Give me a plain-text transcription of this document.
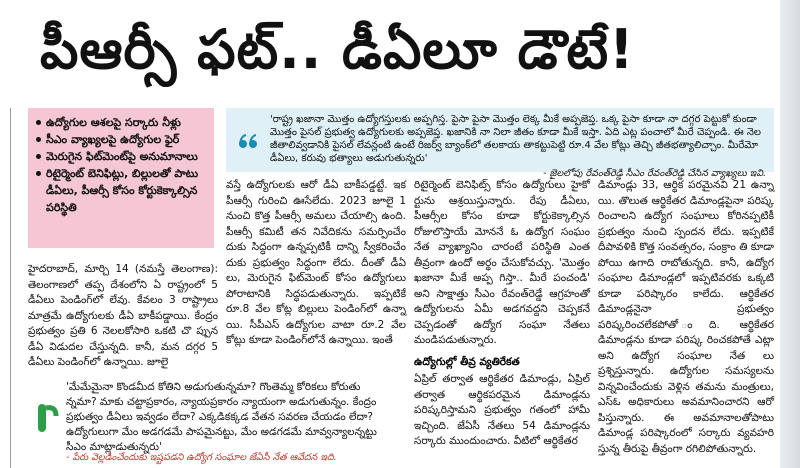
పీఆర్సీ ఫట్.. డీఏలూ డౌటే!
ఉద్యోగుల ఆశలపై సర్కారు నీళ్లు
సీఎం వ్యాఖ్యలపై ఉద్యోగుల ఫైర్
మెరుగైన ఫిట్‌మెంట్‌పై అనుమానాలు
రిటైర్మెంట్ బెనిఫిట్లు, బిల్లులతో పాటు డీఏలు, పీఆర్సీ కోసం కోర్టుకెక్కాల్సిన పరిస్థితి
'రాష్ట్ర ఖజానా మొత్తం ఉద్యోగస్తులకు అప్పగిస్త. పైసా పైసా మొత్తం లెక్క మీకే అప్పజెప్త. ఒక్క పైసా కూడా నా దగ్గర పెట్టుకో కుండా మొత్తం పైసల్ ప్రభుత్వ ఉద్యోగులకు అప్పజెప్త. ఖజానికి నా నిలా జీతం కూడా మీకే ఇస్తా. ఏది ఎట్ల పంచాలో మీరే చెప్పండి. ఈ నెల జీతాలివ్వడానికి పైసల్ లేవన్లంటి ఉంటే రిజర్వ్ బ్యాంక్‌లో తలకాయ తాకట్టుపెట్టి రూ.4 వేల కోట్లు తెచ్చి జీతభత్యాలిచ్చాం. మీరేమో డీఏలు, కరువు భత్యాలు అడుగుతున్నరు'
- జైలలోపు రేవంత్‌రెడ్డి సీఎం రేవంత్‌రెడ్డి చేసిన వ్యాఖ్యలు ఇవి.

హైదరాబాద్, మార్చి 14 (నమస్తే తెలంగాణ): తెలంగాణలో తప్ప దేశంలోని ఏ రాష్ట్రంలో 5 డీఏలు పెండింగ్‌లో లేవు. కేవలం 3 రాష్ట్రాలు మాత్రమే ఉద్యోగులకు డీఏ బాకీపడ్డాయి. కేంద్రం ప్రభుత్వం ప్రతి 6 నెలలకోసారి ఒకటి చొ ప్పున డీఏ విడుదల చేస్తున్నది. కానీ, మన దగ్గర 5 డీఏలు పెండింగ్‌లో ఉన్నాయి. జూలై

వస్తే ఉద్యోగులకు ఆరో డీఏ బాకీపడ్డట్టే. ఇక పీఆర్సీ గురించి ఊసేలేదు. 2023 జూలై 1 నుంచి కొత్త పీఆర్సీ అమలు చేయాల్సి ఉంది. పీఆర్సీ కమిటీ తన నివేదికను సమర్పించేం దుకు సిద్ధంగా ఉన్నప్పటికీ దాన్ని స్వీకరించేం దుకు ప్రభుత్వం సిద్ధంగా లేదు. దీంతో డీఏ లు, మెరుగైన ఫిట్‌మెంట్ కోసం ఉద్యోగులు పోరాటానికి సిద్ధపడుతున్నారు. ఇప్పటికే రూ.8 వేల కోట్ల బిల్లులు పెండింగ్‌లో ఉన్నా యి. సీపీఎస్ ఉద్యోగుల వాటా రూ.2 వేల కోట్లు కూడా పెండింగ్‌లోనే ఉన్నాయి. ఇంతే

రిటైర్మెంట్ బెనిఫిట్స్ కోసం ఉద్యోగులు హైకో ర్టును ఆశ్రయిస్తున్నారు. రేపు డీఏలు, పీఆర్సీల కోసం కూడా కోర్టుకెక్కాల్సిన రోజులొస్తాయే మోననే ఓ ఉద్యోగ సంఘం నేత వ్యాఖ్యానిం చారంటే పరిస్థితి ఎంత తీవ్రంగా ఉందో అర్థం చేసుకోవచ్చు. 'మొత్తం ఖజానా మీకే అప్ప గిస్తా.. మీరే పంచండి' అని సాక్షాత్తు సీఎం రేవంత్‌రెడ్డే ఆగ్రహంతో ఉద్యోగులను ఏమీ అడగవద్దని చెప్పకనే చెప్పడంతో ఉద్యోగ సంఘా నేతలు మండిపడుతున్నారు.

ఉద్యోగుల్లో తీవ్ర వ్యతిరేకత

ఏప్రిల్ తర్వాత ఆర్థికేతర డిమాండ్లు, ఏప్రిల్ తర్వాత ఆర్థికపరమైన డిమాండ్లను పరిష్కరిస్తామని ప్రభుత్వం గతంలో హామీ ఇచ్చింది. జేఏసీ నేతలు 54 డిమాండ్లను సర్కారు ముందుంచారు. వీటిలో ఆర్థికేతర

డిమాండ్లు 33, ఆర్థిక పరమైనవి 21 ఉన్నా యి. తొలుత ఆర్థికేతర డిమాండ్లపైనా పరిష్క రించాలని ఉద్యోగ సంఘాలు కోరినప్పటికీ ప్రభుత్వం నుంచి స్పందన లేదు. ఇప్పటికే దీపావళికి కొత్త సంవత్సరం, సంక్రాం తి కూడా పోయి ఉగాది రాబోతున్నది. కానీ, ఉద్యోగ సంఘాల డిమాండ్లలో ఇప్పటివరకు ఒక్కటి కూడా పరిష్కారం కాలేదు. ఆర్థికేతర డిమాండ్లనైనా ప్రభుత్వం పరిష్కరించలేకపోతో ంది. ఆర్థికేతర డిమాండ్లను కూడా పరిష్క రించకపోతే ఎట్లా అని ఉద్యోగ సంఘాల నేత లు ప్రశ్నిస్తున్నారు. ఉద్యోగుల సమస్యలను విన్నవించేందుకు వెళ్లిన తమను మంత్రులు, ఎస్‌ఓ అధికారులు అవమానించారని ఆరో పిస్తున్నారు. ఈ అవమానాలతోపాటు డిమాండ్ల పరిష్కారంలో సర్కారు వ్యవహరి స్తున్న తీరుపై తీవ్రంగా రగిలిపోతున్నారు.

'మేమేమైనా కొండమీద కోతిని అడుగుతున్నమా? గొంతెమ్మ కోరికలు కోరుతు న్నమా? మాకు చట్టాప్రకారం, న్యాయప్రకారం న్యాయంగా అడుగుతున్నం. కేంద్రం ప్రభుత్వం డీఏలు ఇవ్వడం లేదా? ఎక్కడికక్కడ వేతన సవరణ చేయడం లేదా? ఉద్యోగులుగా మేం అడగడమే పాపమైనట్టు, మేం అడగడమే మావ్వన్యాలన్నట్టు సీఎం మాట్లాడుతున్నరు'
- పేరు వెల్లడించేందుకు ఇష్టపడని ఉద్యోగ సంఘాల జేఏసీ నేత ఆవేదన ఇది.
